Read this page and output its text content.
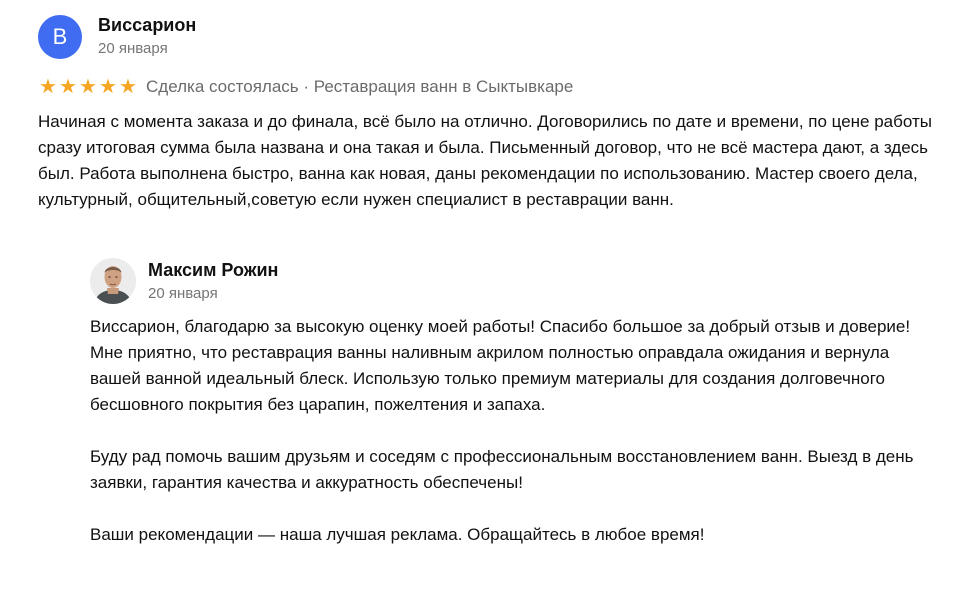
В	Виссарион
20 января
★ ★ ★ ★ ★ Сделка состоялась · Реставрация ванн в Сыктывкаре
Начиная с момента заказа и до финала, всё было на отлично. Договорились по дате и времени, по цене работы сразу итоговая сумма была названа и она такая и была. Письменный договор, что не всё мастера дают, а здесь был. Работа выполнена быстро, ванна как новая, даны рекомендации по использованию. Мастер своего дела, культурный, общительный,советую если нужен специалист в реставрации ванн.
Максим Рожин
20 января

Виссарион, благодарю за высокую оценку моей работы! Спасибо большое за добрый отзыв и доверие! Мне приятно, что реставрация ванны наливным акрилом полностью оправдала ожидания и вернула вашей ванной идеальный блеск. Использую только премиум материалы для создания долговечного бесшовного покрытия без царапин, пожелтения и запаха.

Буду рад помочь вашим друзьям и соседям с профессиональным восстановлением ванн. Выезд в день заявки, гарантия качества и аккуратность обеспечены!

Ваши рекомендации — наша лучшая реклама. Обращайтесь в любое время!
